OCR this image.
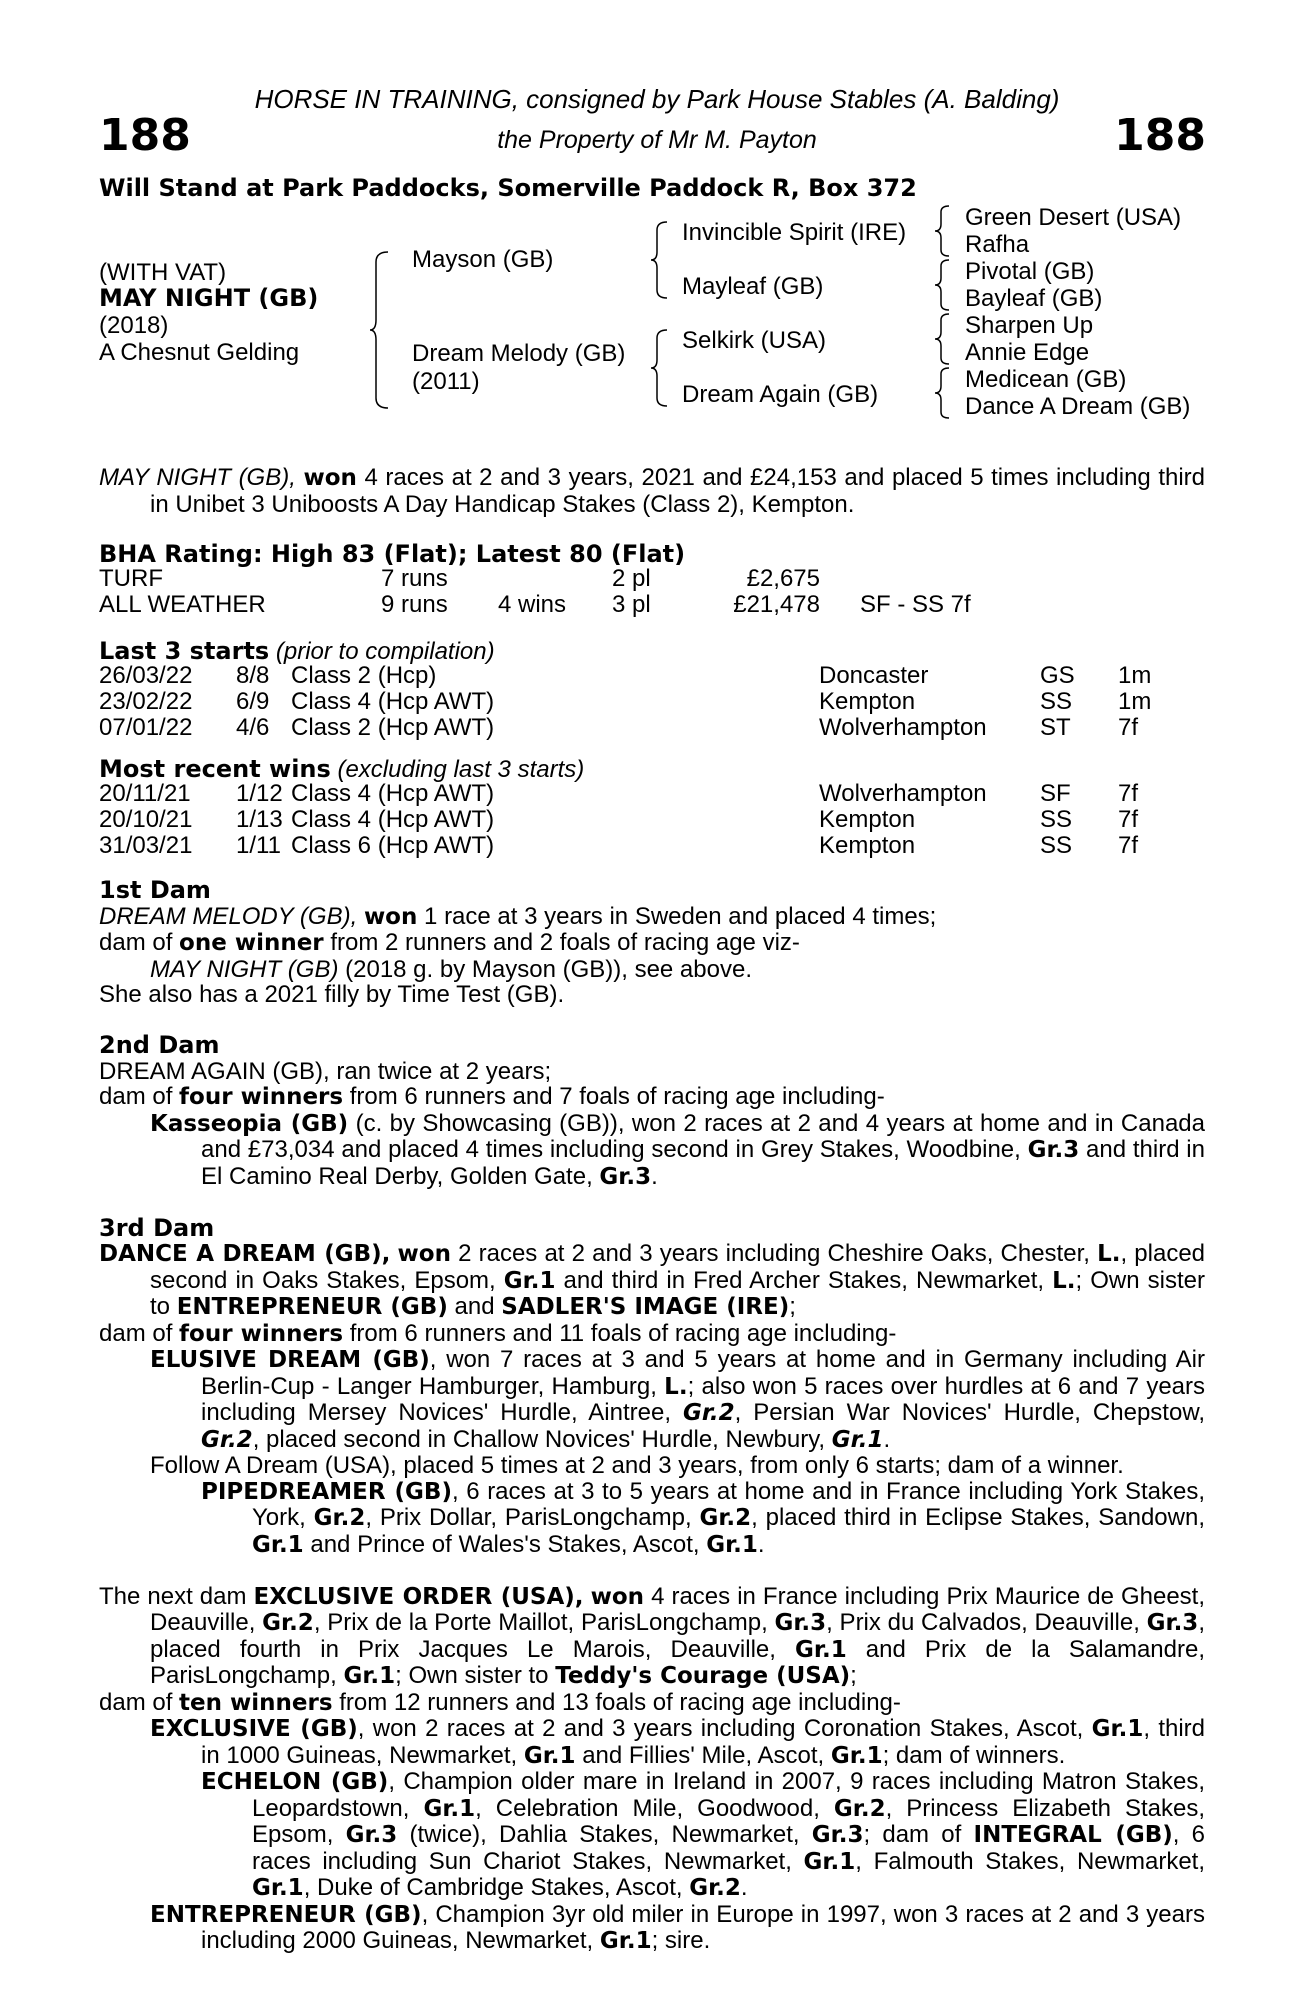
188	188
HORSE IN TRAINING, consigned by Park House Stables (A. Balding)
the Property of Mr M. Payton
Will Stand at Park Paddocks, Somerville Paddock R, Box 372
(WITH VAT)
MAY NIGHT (GB)
(2018)
A Chesnut Gelding
Mayson (GB)
Dream Melody (GB)
(2011)
Invincible Spirit (IRE)
Mayleaf (GB)
Selkirk (USA)
Dream Again (GB)
Green Desert (USA)
Rafha
Pivotal (GB)
Bayleaf (GB)
Sharpen Up
Annie Edge
Medicean (GB)
Dance A Dream (GB)

MAY NIGHT (GB), won 4 races at 2 and 3 years, 2021 and £24,153 and placed 5 times including third in Unibet 3 Uniboosts A Day Handicap Stakes (Class 2), Kempton.

BHA Rating: High 83 (Flat); Latest 80 (Flat)
Last 3 starts (prior to compilation)
Most recent wins (excluding last 3 starts)

1st Dam

DREAM MELODY (GB), won 1 race at 3 years in Sweden and placed 4 times;

dam of one winner from 2 runners and 2 foals of racing age viz-

MAY NIGHT (GB) (2018 g. by Mayson (GB)), see above.

She also has a 2021 filly by Time Test (GB).

2nd Dam

DREAM AGAIN (GB), ran twice at 2 years;

dam of four winners from 6 runners and 7 foals of racing age including-

Kasseopia (GB) (c. by Showcasing (GB)), won 2 races at 2 and 4 years at home and in Canada and £73,034 and placed 4 times including second in Grey Stakes, Woodbine, Gr.3 and third in El Camino Real Derby, Golden Gate, Gr.3.

3rd Dam

DANCE A DREAM (GB), won 2 races at 2 and 3 years including Cheshire Oaks, Chester, L., placed second in Oaks Stakes, Epsom, Gr.1 and third in Fred Archer Stakes, Newmarket, L.; Own sister to ENTREPRENEUR (GB) and SADLER'S IMAGE (IRE);

dam of four winners from 6 runners and 11 foals of racing age including-

ELUSIVE DREAM (GB), won 7 races at 3 and 5 years at home and in Germany including Air Berlin-Cup - Langer Hamburger, Hamburg, L.; also won 5 races over hurdles at 6 and 7 years including Mersey Novices' Hurdle, Aintree, Gr.2, Persian War Novices' Hurdle, Chepstow, Gr.2, placed second in Challow Novices' Hurdle, Newbury, Gr.1.

Follow A Dream (USA), placed 5 times at 2 and 3 years, from only 6 starts; dam of a winner.

PIPEDREAMER (GB), 6 races at 3 to 5 years at home and in France including York Stakes, York, Gr.2, Prix Dollar, ParisLongchamp, Gr.2, placed third in Eclipse Stakes, Sandown, Gr.1 and Prince of Wales's Stakes, Ascot, Gr.1.

The next dam EXCLUSIVE ORDER (USA), won 4 races in France including Prix Maurice de Gheest, Deauville, Gr.2, Prix de la Porte Maillot, ParisLongchamp, Gr.3, Prix du Calvados, Deauville, Gr.3, placed fourth in Prix Jacques Le Marois, Deauville, Gr.1 and Prix de la Salamandre, ParisLongchamp, Gr.1; Own sister to Teddy's Courage (USA);

dam of ten winners from 12 runners and 13 foals of racing age including-

EXCLUSIVE (GB), won 2 races at 2 and 3 years including Coronation Stakes, Ascot, Gr.1, third in 1000 Guineas, Newmarket, Gr.1 and Fillies' Mile, Ascot, Gr.1; dam of winners.

ECHELON (GB), Champion older mare in Ireland in 2007, 9 races including Matron Stakes, Leopardstown, Gr.1, Celebration Mile, Goodwood, Gr.2, Princess Elizabeth Stakes, Epsom, Gr.3 (twice), Dahlia Stakes, Newmarket, Gr.3; dam of INTEGRAL (GB), 6 races including Sun Chariot Stakes, Newmarket, Gr.1, Falmouth Stakes, Newmarket, Gr.1, Duke of Cambridge Stakes, Ascot, Gr.2.

ENTREPRENEUR (GB), Champion 3yr old miler in Europe in 1997, won 3 races at 2 and 3 years including 2000 Guineas, Newmarket, Gr.1; sire.

TURF	7 runs	2 pl	£2,675
ALL WEATHER	9 runs 4 wins 3 pl	£21,478 SF - SS 7f
26/03/22 8/8 Class 2 (Hcp)	Doncaster	GS 1m
23/02/22 6/9 Class 4 (Hcp AWT)	Kempton	SS 1m
07/01/22 4/6 Class 2 (Hcp AWT)	Wolverhampton ST 7f
20/11/21 1/12 Class 4 (Hcp AWT)	Wolverhampton SF 7f
20/10/21 1/13 Class 4 (Hcp AWT)	Kempton	SS 7f
31/03/21 1/11 Class 6 (Hcp AWT)	Kempton	SS 7f
